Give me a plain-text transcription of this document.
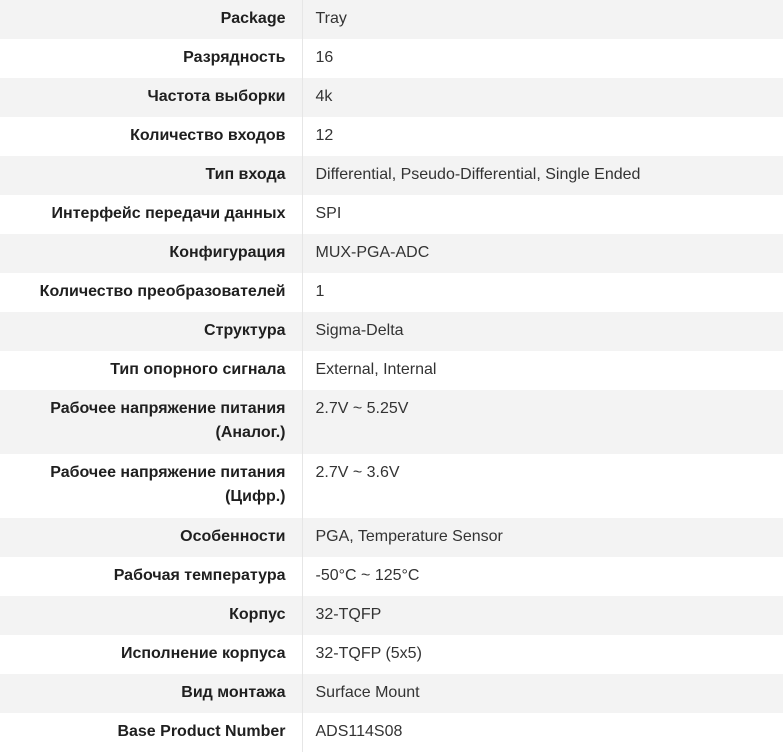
Package	Tray
Разрядность	16
Частота выборки	4k
Количество входов	12
Тип входа	Differential, Pseudo-Differential, Single Ended
Интерфейс передачи данных	SPI
Конфигурация	MUX-PGA-ADC
Количество преобразователей	1
Структура	Sigma-Delta
Тип опорного сигнала	External, Internal
Рабочее напряжение питания (Аналог.)	2.7V ~ 5.25V
Рабочее напряжение питания (Цифр.)	2.7V ~ 3.6V
Особенности	PGA, Temperature Sensor
Рабочая температура	-50°C ~ 125°C
Корпус	32-TQFP
Исполнение корпуса	32-TQFP (5x5)
Вид монтажа	Surface Mount
Base Product Number	ADS114S08
